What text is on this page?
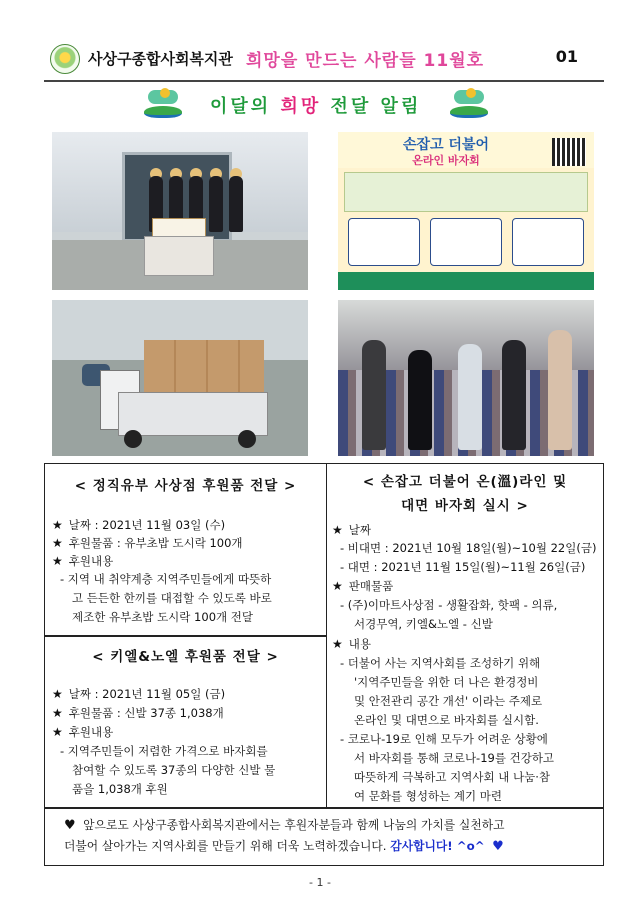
사상구종합사회복지관 희망을 만드는 사람들 11월호	01
이달의 희망 전달 알림
손잡고 더불어
온라인 바자회
< 정직유부 사상점 후원품 전달 >
★ 날짜 : 2021년 11월 03일 (수)
★ 후원물품 : 유부초밥 도시락 100개
★ 후원내용
- 지역 내 취약계층 지역주민들에게 따뜻하
고 든든한 한끼를 대접할 수 있도록 바로
제조한 유부초밥 도시락 100개 전달
< 키엘&노엘 후원품 전달 >
★ 날짜 : 2021년 11월 05일 (금)
★ 후원물품 : 신발 37종 1,038개
★ 후원내용
- 지역주민들이 저렴한 가격으로 바자회를
참여할 수 있도록 37종의 다양한 신발 물
품을 1,038개 후원
< 손잡고 더불어 온(溫)라인 및
대면 바자회 실시 >
★ 날짜
- 비대면 : 2021년 10월 18일(월)~10월 22일(금)
- 대면 : 2021년 11월 15일(월)~11월 26일(금)
★ 판매물품
- (주)이마트사상점 - 생활잡화, 핫팩 - 의류,
서경무역, 키엘&노엘 - 신발
★ 내용
- 더불어 사는 지역사회를 조성하기 위해
'지역주민들을 위한 더 나은 환경정비
및 안전관리 공간 개선' 이라는 주제로
온라인 및 대면으로 바자회를 실시함.
- 코로나-19로 인해 모두가 어려운 상황에
서 바자회를 통해 코로나-19를 건강하고
따뜻하게 극복하고 지역사회 내 나눔·참
여 문화를 형성하는 계기 마련
♥ 앞으로도 사상구종합사회복지관에서는 후원자분들과 함께 나눔의 가치를 실천하고
더불어 살아가는 지역사회를 만들기 위해 더욱 노력하겠습니다. 감사합니다! ^o^ ♥
- 1 -
